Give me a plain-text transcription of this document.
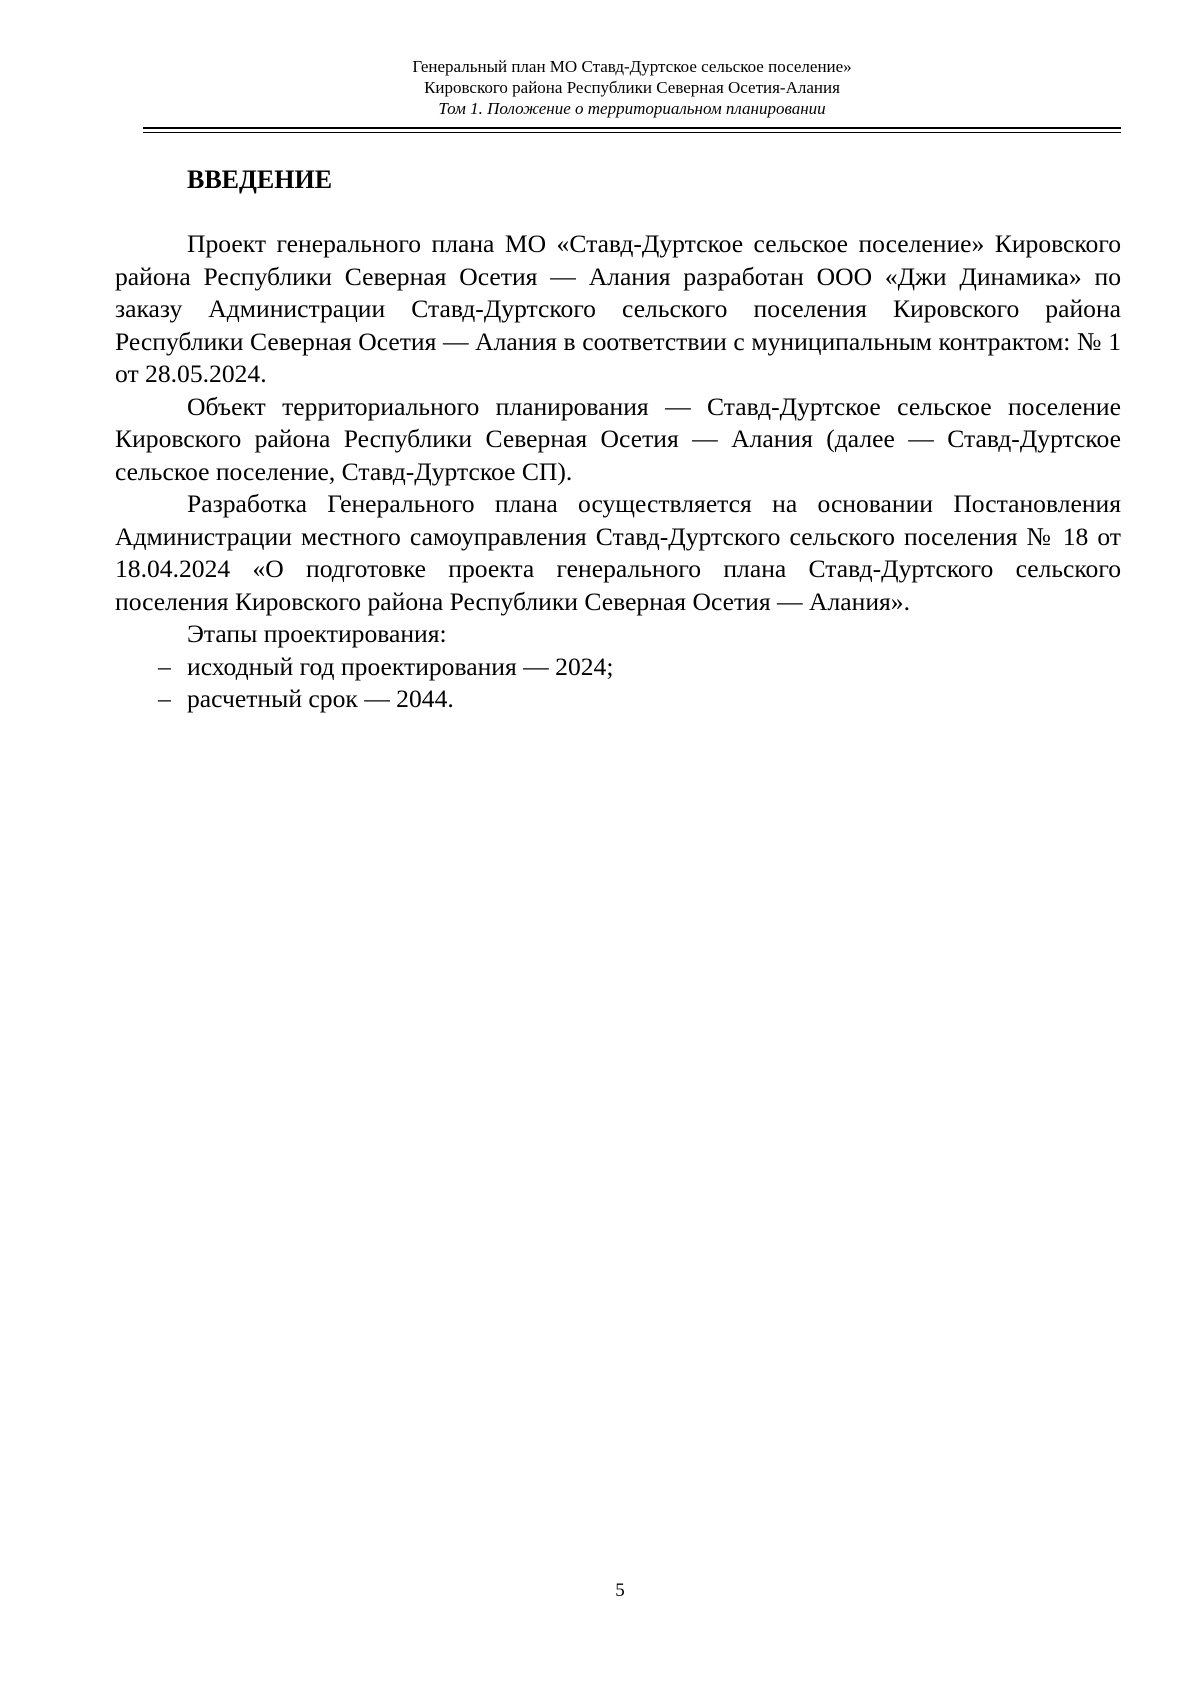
Генеральный план МО Ставд-Дуртское сельское поселение»
Кировского района Республики Северная Осетия-Алания
Том 1. Положение о территориальном планировании
ВВЕДЕНИЕ

Проект генерального плана МО «Ставд-Дуртское сельское поселение» Кировского района Республики Северная Осетия — Алания разработан ООО «Джи Динамика» по заказу Администрации Ставд-Дуртского сельского поселения Кировского района Республики Северная Осетия — Алания в соответствии с муниципальным контрактом: № 1 от 28.05.2024.

Объект территориального планирования — Ставд-Дуртское сельское поселение Кировского района Республики Северная Осетия — Алания (далее — Ставд-Дуртское сельское поселение, Ставд-Дуртское СП).

Разработка Генерального плана осуществляется на основании Постановления Администрации местного самоуправления Ставд-Дуртского сельского поселения № 18 от 18.04.2024 «О подготовке проекта генерального плана Ставд-Дуртского сельского поселения Кировского района Республики Северная Осетия — Алания».

Этапы проектирования:

– исходный год проектирования — 2024;
– расчетный срок — 2044.
5
